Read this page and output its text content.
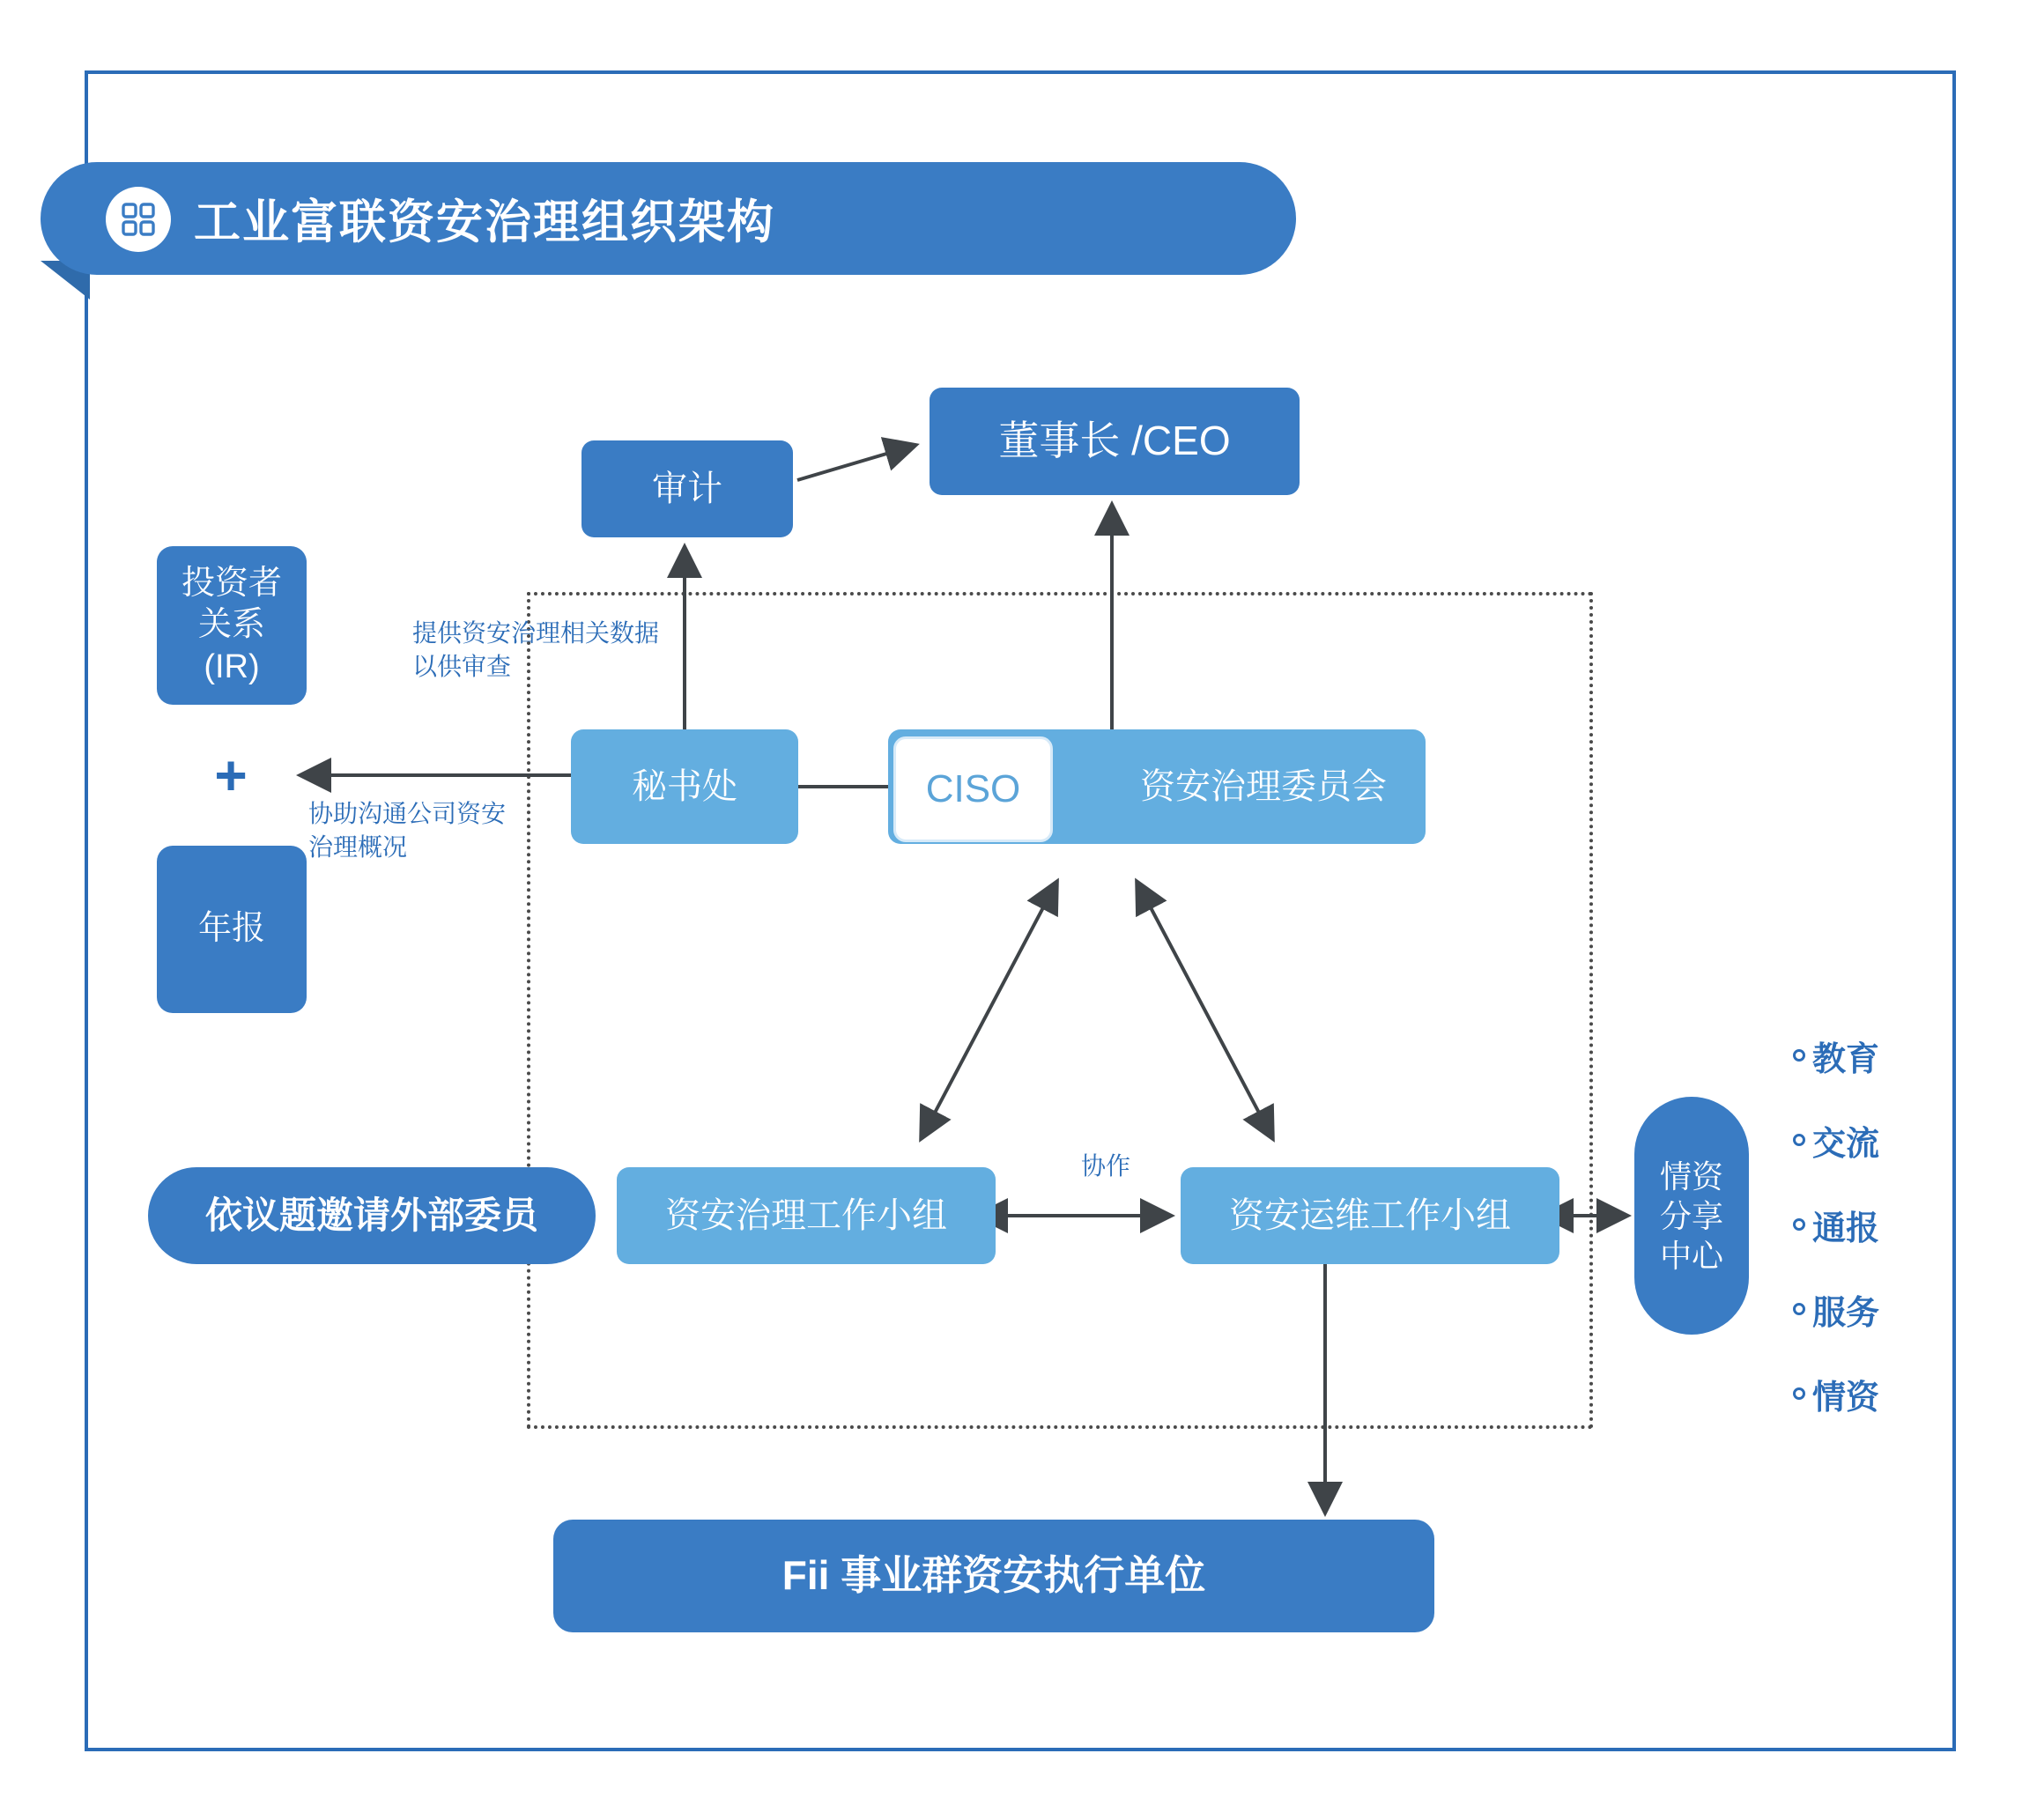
工业富联资安治理组织架构
审计
董事长 /CEO
投资者
关系
(IR)
+
年报
秘书处	资安治理委员会
CISO
依议题邀请外部委员	资安治理工作小组	资安运维工作小组
情资
分享
中心
Fii 事业群资安执行单位
提供资安治理相关数据以供审查
协助沟通公司资安治理概况
协作
教育
交流
通报
服务
情资
